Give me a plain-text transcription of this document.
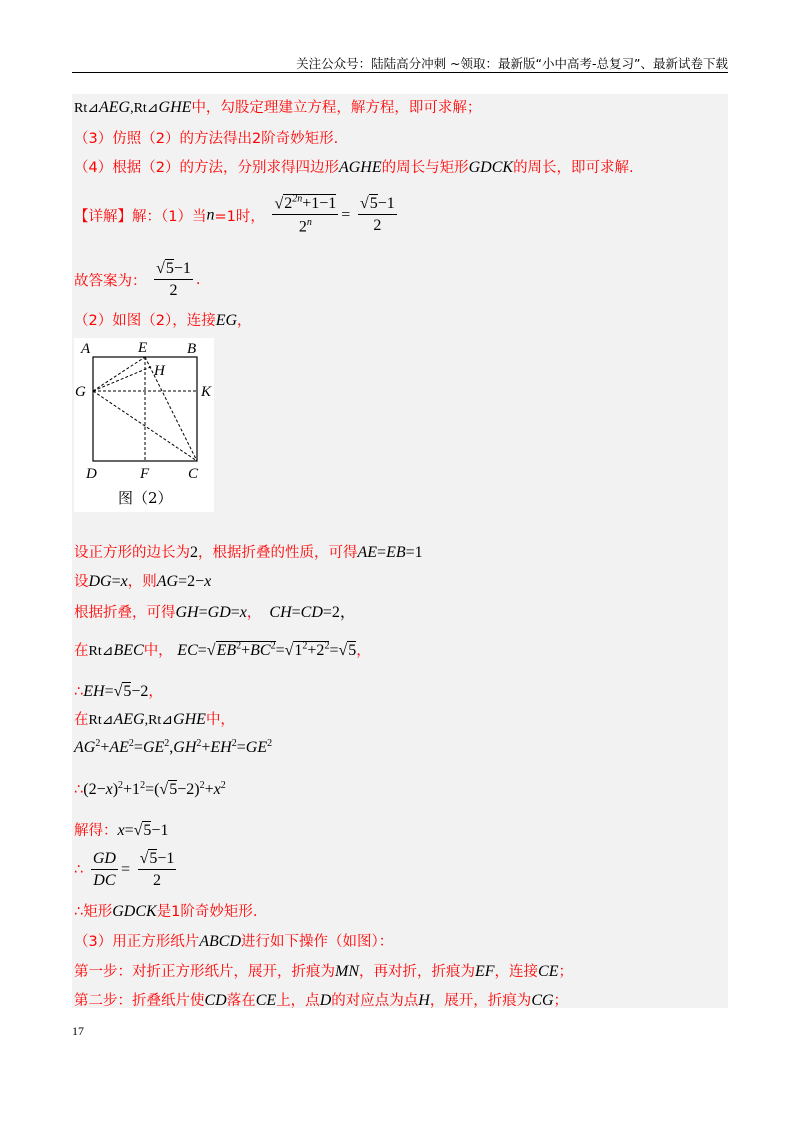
关注公众号：陆陆高分冲刺 ~领取：最新版“小中高考-总复习”、最新试卷下载
Rt⊿AEG,Rt⊿GHE中，勾股定理建立方程，解方程，即可求解；
（3）仿照（2）的方法得出2阶奇妙矩形.
（4）根据（2）的方法，分别求得四边形AGHE的周长与矩形GDCK的周长，即可求解.
【详解】解：（1）当n=1时， $\frac{√2^{2n}+1-1}{2^n} = \frac{√5-1}{2}$
故答案为： $\frac{√5-1}{2}$ .
（2）如图（2），连接EG，
A	E	B
H
G	K
D	F	C
图（2）
设正方形的边长为2，根据折叠的性质，可得AE=EB=1
设DG=x，则AG=2−x
根据折叠，可得GH=GD=x， CH=CD=2，
在Rt⊿BEC中， $EC=√EB^2+BC^2=√1^2+2^2=√5$，
∴EH=√5−2，
在Rt⊿AEG,Rt⊿GHE中，
$AG^2+AE^2=GE^2,GH^2+EH^2=GE^2$
$\therefore(2-x)^2+1^2=(√5-2)^2+x^2$
解得：x=√5−1
∴ $\frac{GD}{DC} = \frac{√5-1}{2}$
∴矩形GDCK是1阶奇妙矩形.
（3）用正方形纸片ABCD进行如下操作（如图）：
第一步：对折正方形纸片，展开，折痕为MN，再对折，折痕为EF，连接CE；
第二步：折叠纸片使CD落在CE上，点D的对应点为点H，展开，折痕为CG；
17
